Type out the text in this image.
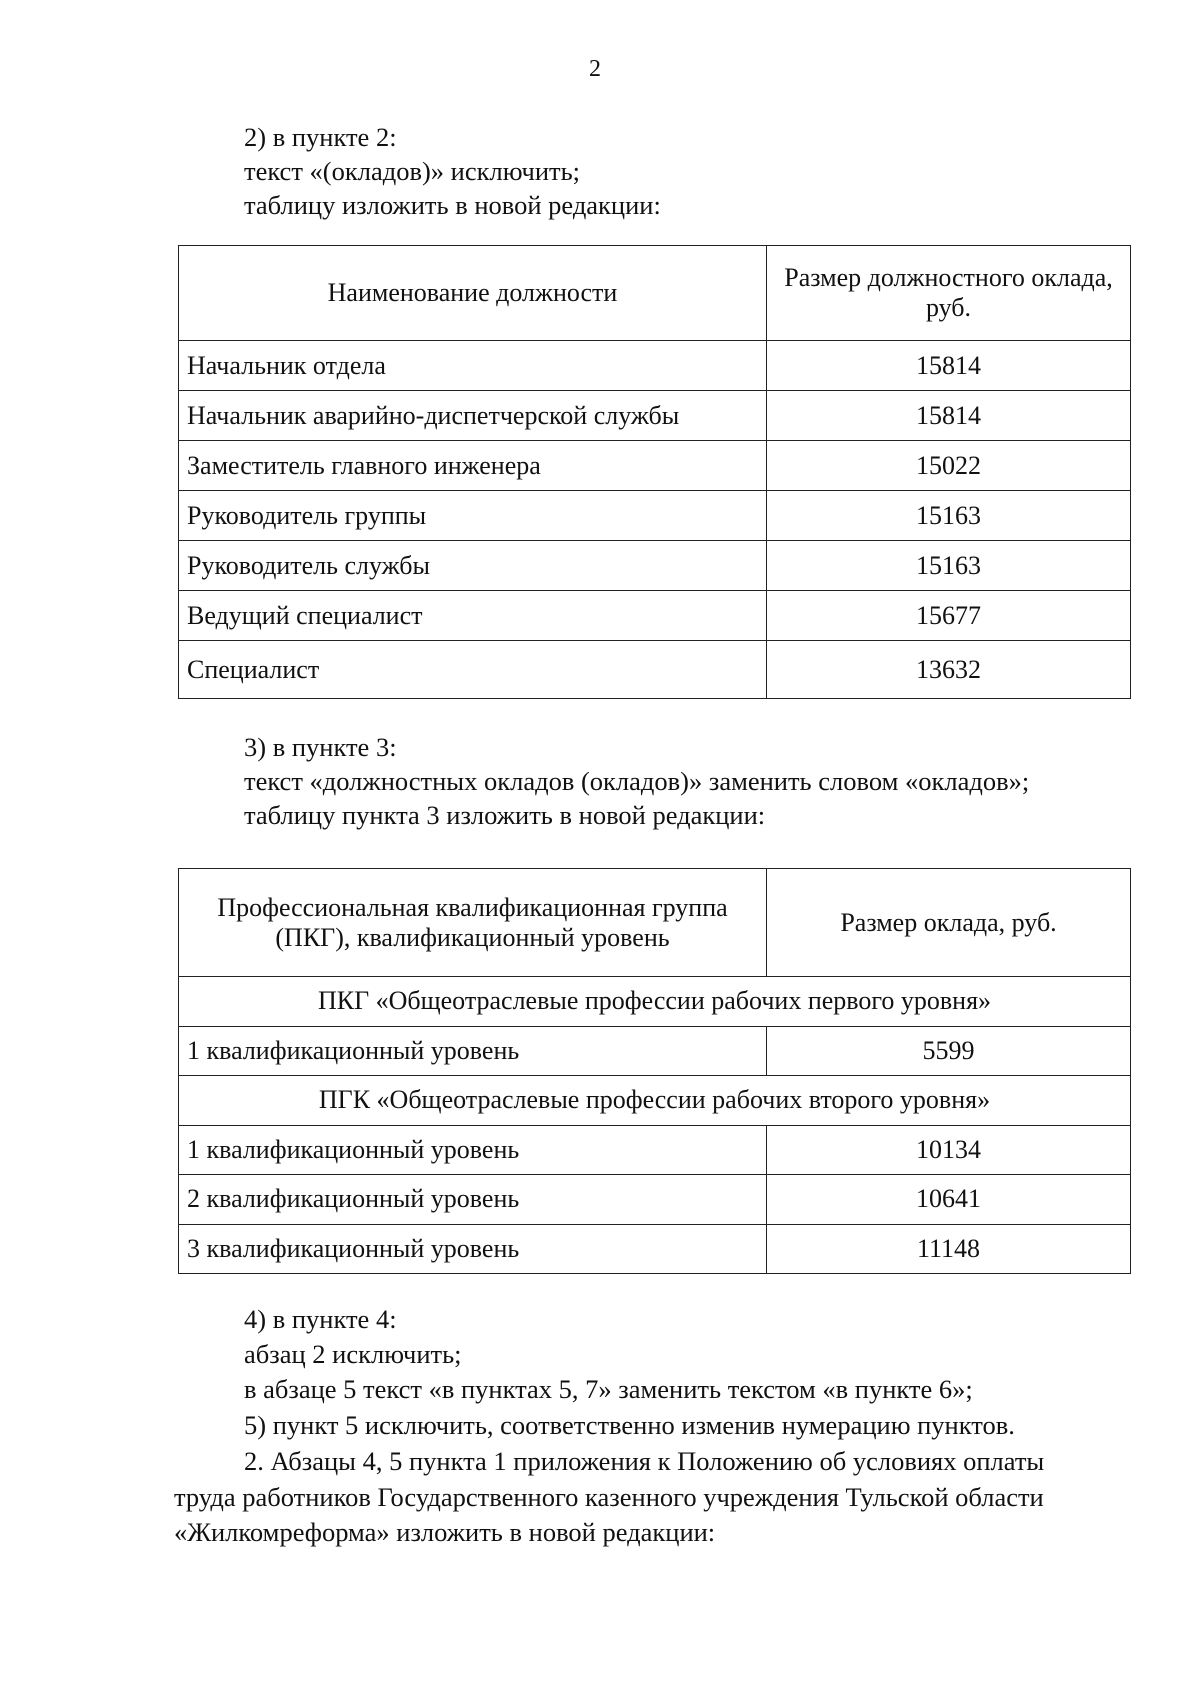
2
2) в пункте 2:
текст «(окладов)» исключить;
таблицу изложить в новой редакции:
Наименование должности	Размер должностного оклада, руб.
Начальник отдела	15814
Начальник аварийно-диспетчерской службы	15814
Заместитель главного инженера	15022
Руководитель группы	15163
Руководитель службы	15163
Ведущий специалист	15677
Специалист	13632
3) в пункте 3:
текст «должностных окладов (окладов)» заменить словом «окладов»;
таблицу пункта 3 изложить в новой редакции:
Профессиональная квалификационная группа (ПКГ), квалификационный уровень	Размер оклада, руб.
ПКГ «Общеотраслевые профессии рабочих первого уровня»	
1 квалификационный уровень	5599
ПГК «Общеотраслевые профессии рабочих второго уровня»	
1 квалификационный уровень	10134
2 квалификационный уровень	10641
3 квалификационный уровень	11148
4) в пункте 4:
абзац 2 исключить;
в абзаце 5 текст «в пунктах 5, 7» заменить текстом «в пункте 6»;
5) пункт 5 исключить, соответственно изменив нумерацию пунктов.
2. Абзацы 4, 5 пункта 1 приложения к Положению об условиях оплаты
труда работников Государственного казенного учреждения Тульской области
«Жилкомреформа» изложить в новой редакции:
